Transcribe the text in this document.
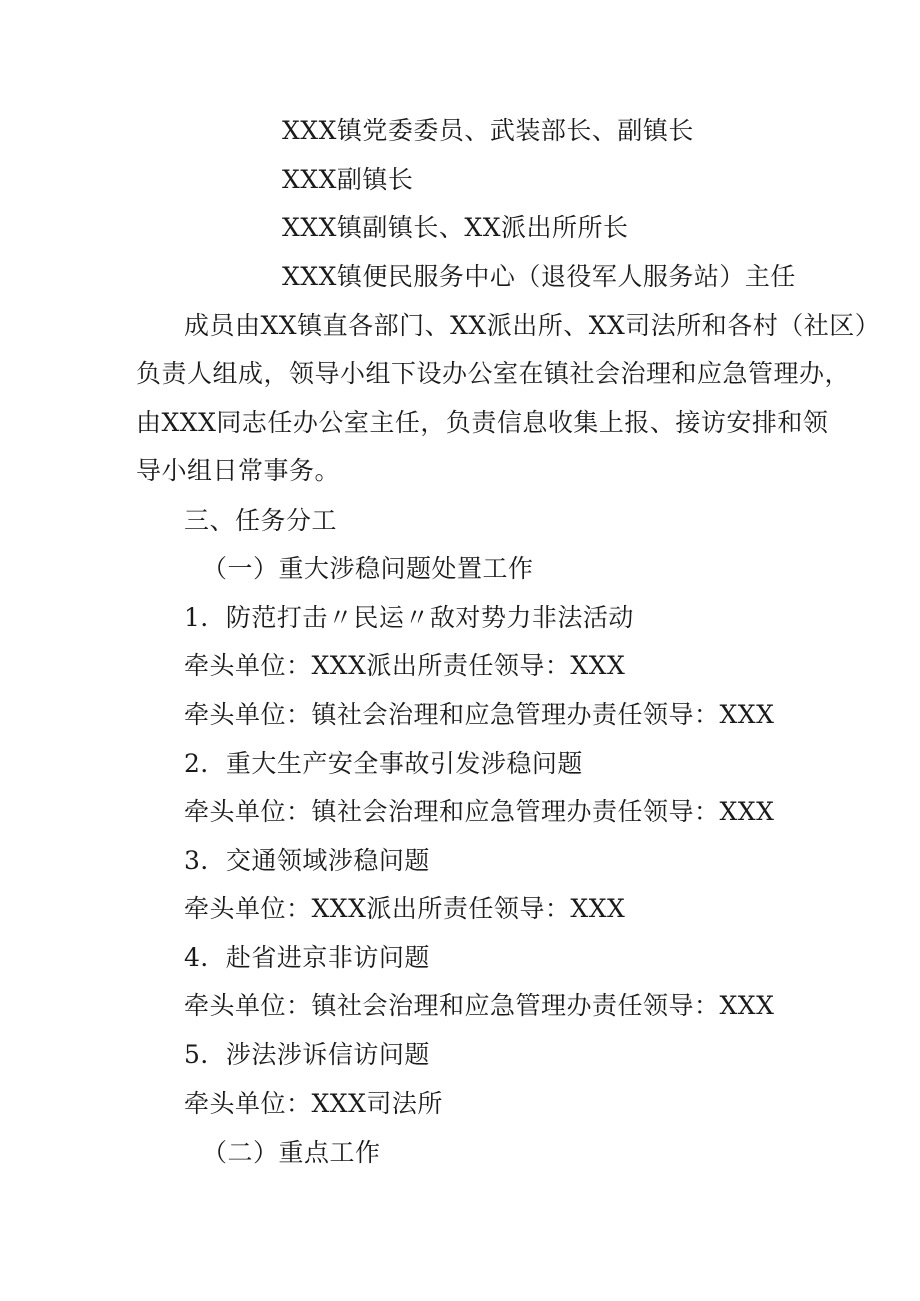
XXX镇党委委员、武装部长、副镇长
XXX副镇长
XXX镇副镇长、XX派出所所长
XXX镇便民服务中心（退役军人服务站）主任
成员由XX镇直各部门、XX派出所、XX司法所和各村（社区）
负责人组成，领导小组下设办公室在镇社会治理和应急管理办，
由XXX同志任办公室主任，负责信息收集上报、接访安排和领
导小组日常事务。
三、任务分工
（一）重大涉稳问题处置工作
1．防范打击〃民运〃敌对势力非法活动
牵头单位：XXX派出所责任领导：XXX
牵头单位：镇社会治理和应急管理办责任领导：XXX
2．重大生产安全事故引发涉稳问题
牵头单位：镇社会治理和应急管理办责任领导：XXX
3．交通领域涉稳问题
牵头单位：XXX派出所责任领导：XXX
4．赴省进京非访问题
牵头单位：镇社会治理和应急管理办责任领导：XXX
5．涉法涉诉信访问题
牵头单位：XXX司法所
（二）重点工作
